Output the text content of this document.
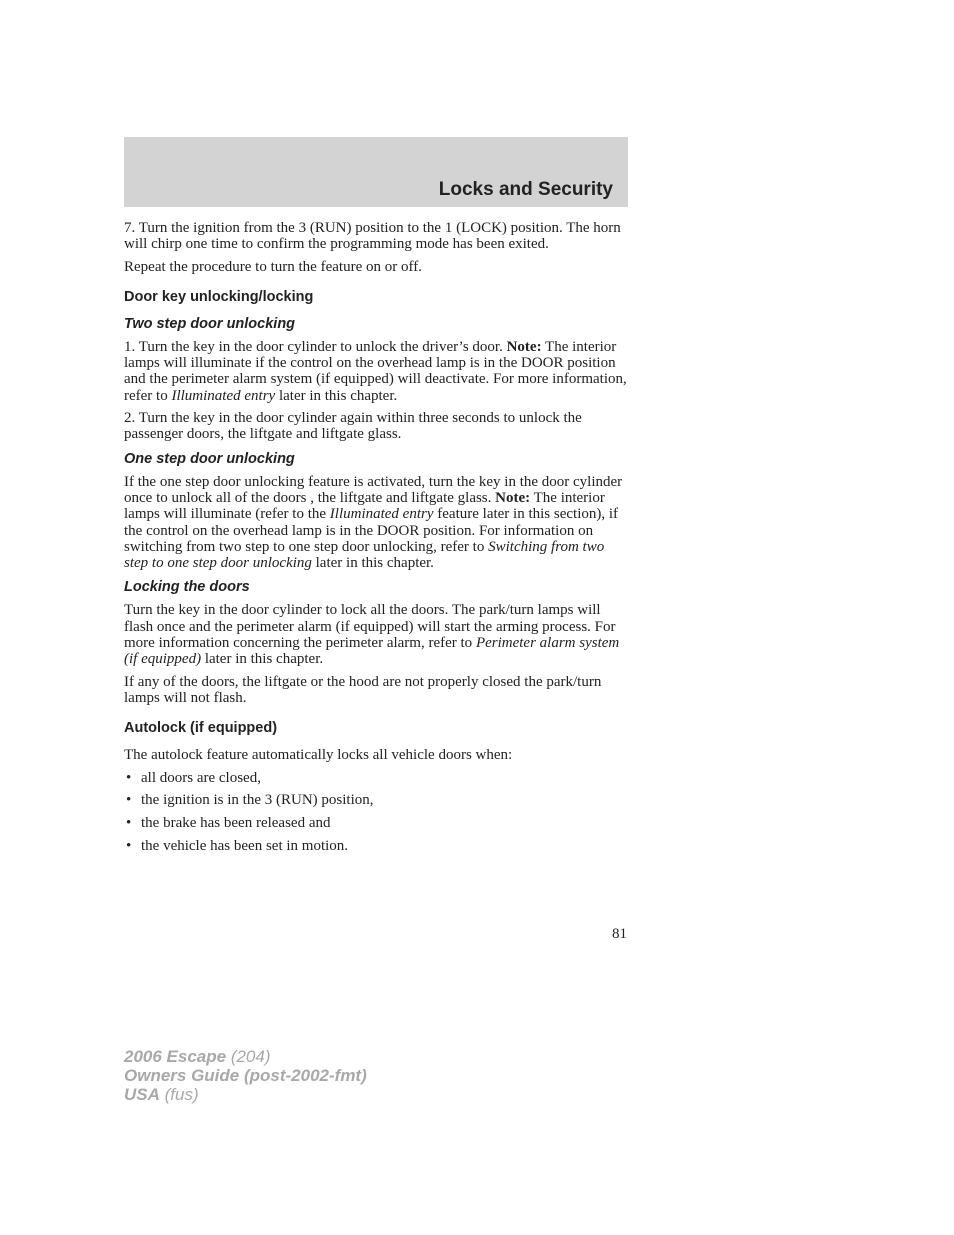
Locks and Security

7. Turn the ignition from the 3 (RUN) position to the 1 (LOCK) position. The horn will chirp one time to confirm the programming mode has been exited.

Repeat the procedure to turn the feature on or off.

Door key unlocking/locking
Two step door unlocking

1. Turn the key in the door cylinder to unlock the driver’s door. Note: The interior lamps will illuminate if the control on the overhead lamp is in the DOOR position and the perimeter alarm system (if equipped) will deactivate. For more information, refer to Illuminated entry later in this chapter.

2. Turn the key in the door cylinder again within three seconds to unlock the passenger doors, the liftgate and liftgate glass.

One step door unlocking

If the one step door unlocking feature is activated, turn the key in the door cylinder once to unlock all of the doors , the liftgate and liftgate glass. Note: The interior lamps will illuminate (refer to the Illuminated entry feature later in this section), if the control on the overhead lamp is in the DOOR position. For information on switching from two step to one step door unlocking, refer to Switching from two step to one step door unlocking later in this chapter.

Locking the doors

Turn the key in the door cylinder to lock all the doors. The park/turn lamps will flash once and the perimeter alarm (if equipped) will start the arming process. For more information concerning the perimeter alarm, refer to Perimeter alarm system (if equipped) later in this chapter.

If any of the doors, the liftgate or the hood are not properly closed the park/turn lamps will not flash.

Autolock (if equipped)

The autolock feature automatically locks all vehicle doors when:

• all doors are closed,
• the ignition is in the 3 (RUN) position,
• the brake has been released and
• the vehicle has been set in motion.
81
2006 Escape (204)
Owners Guide (post-2002-fmt)
USA (fus)
